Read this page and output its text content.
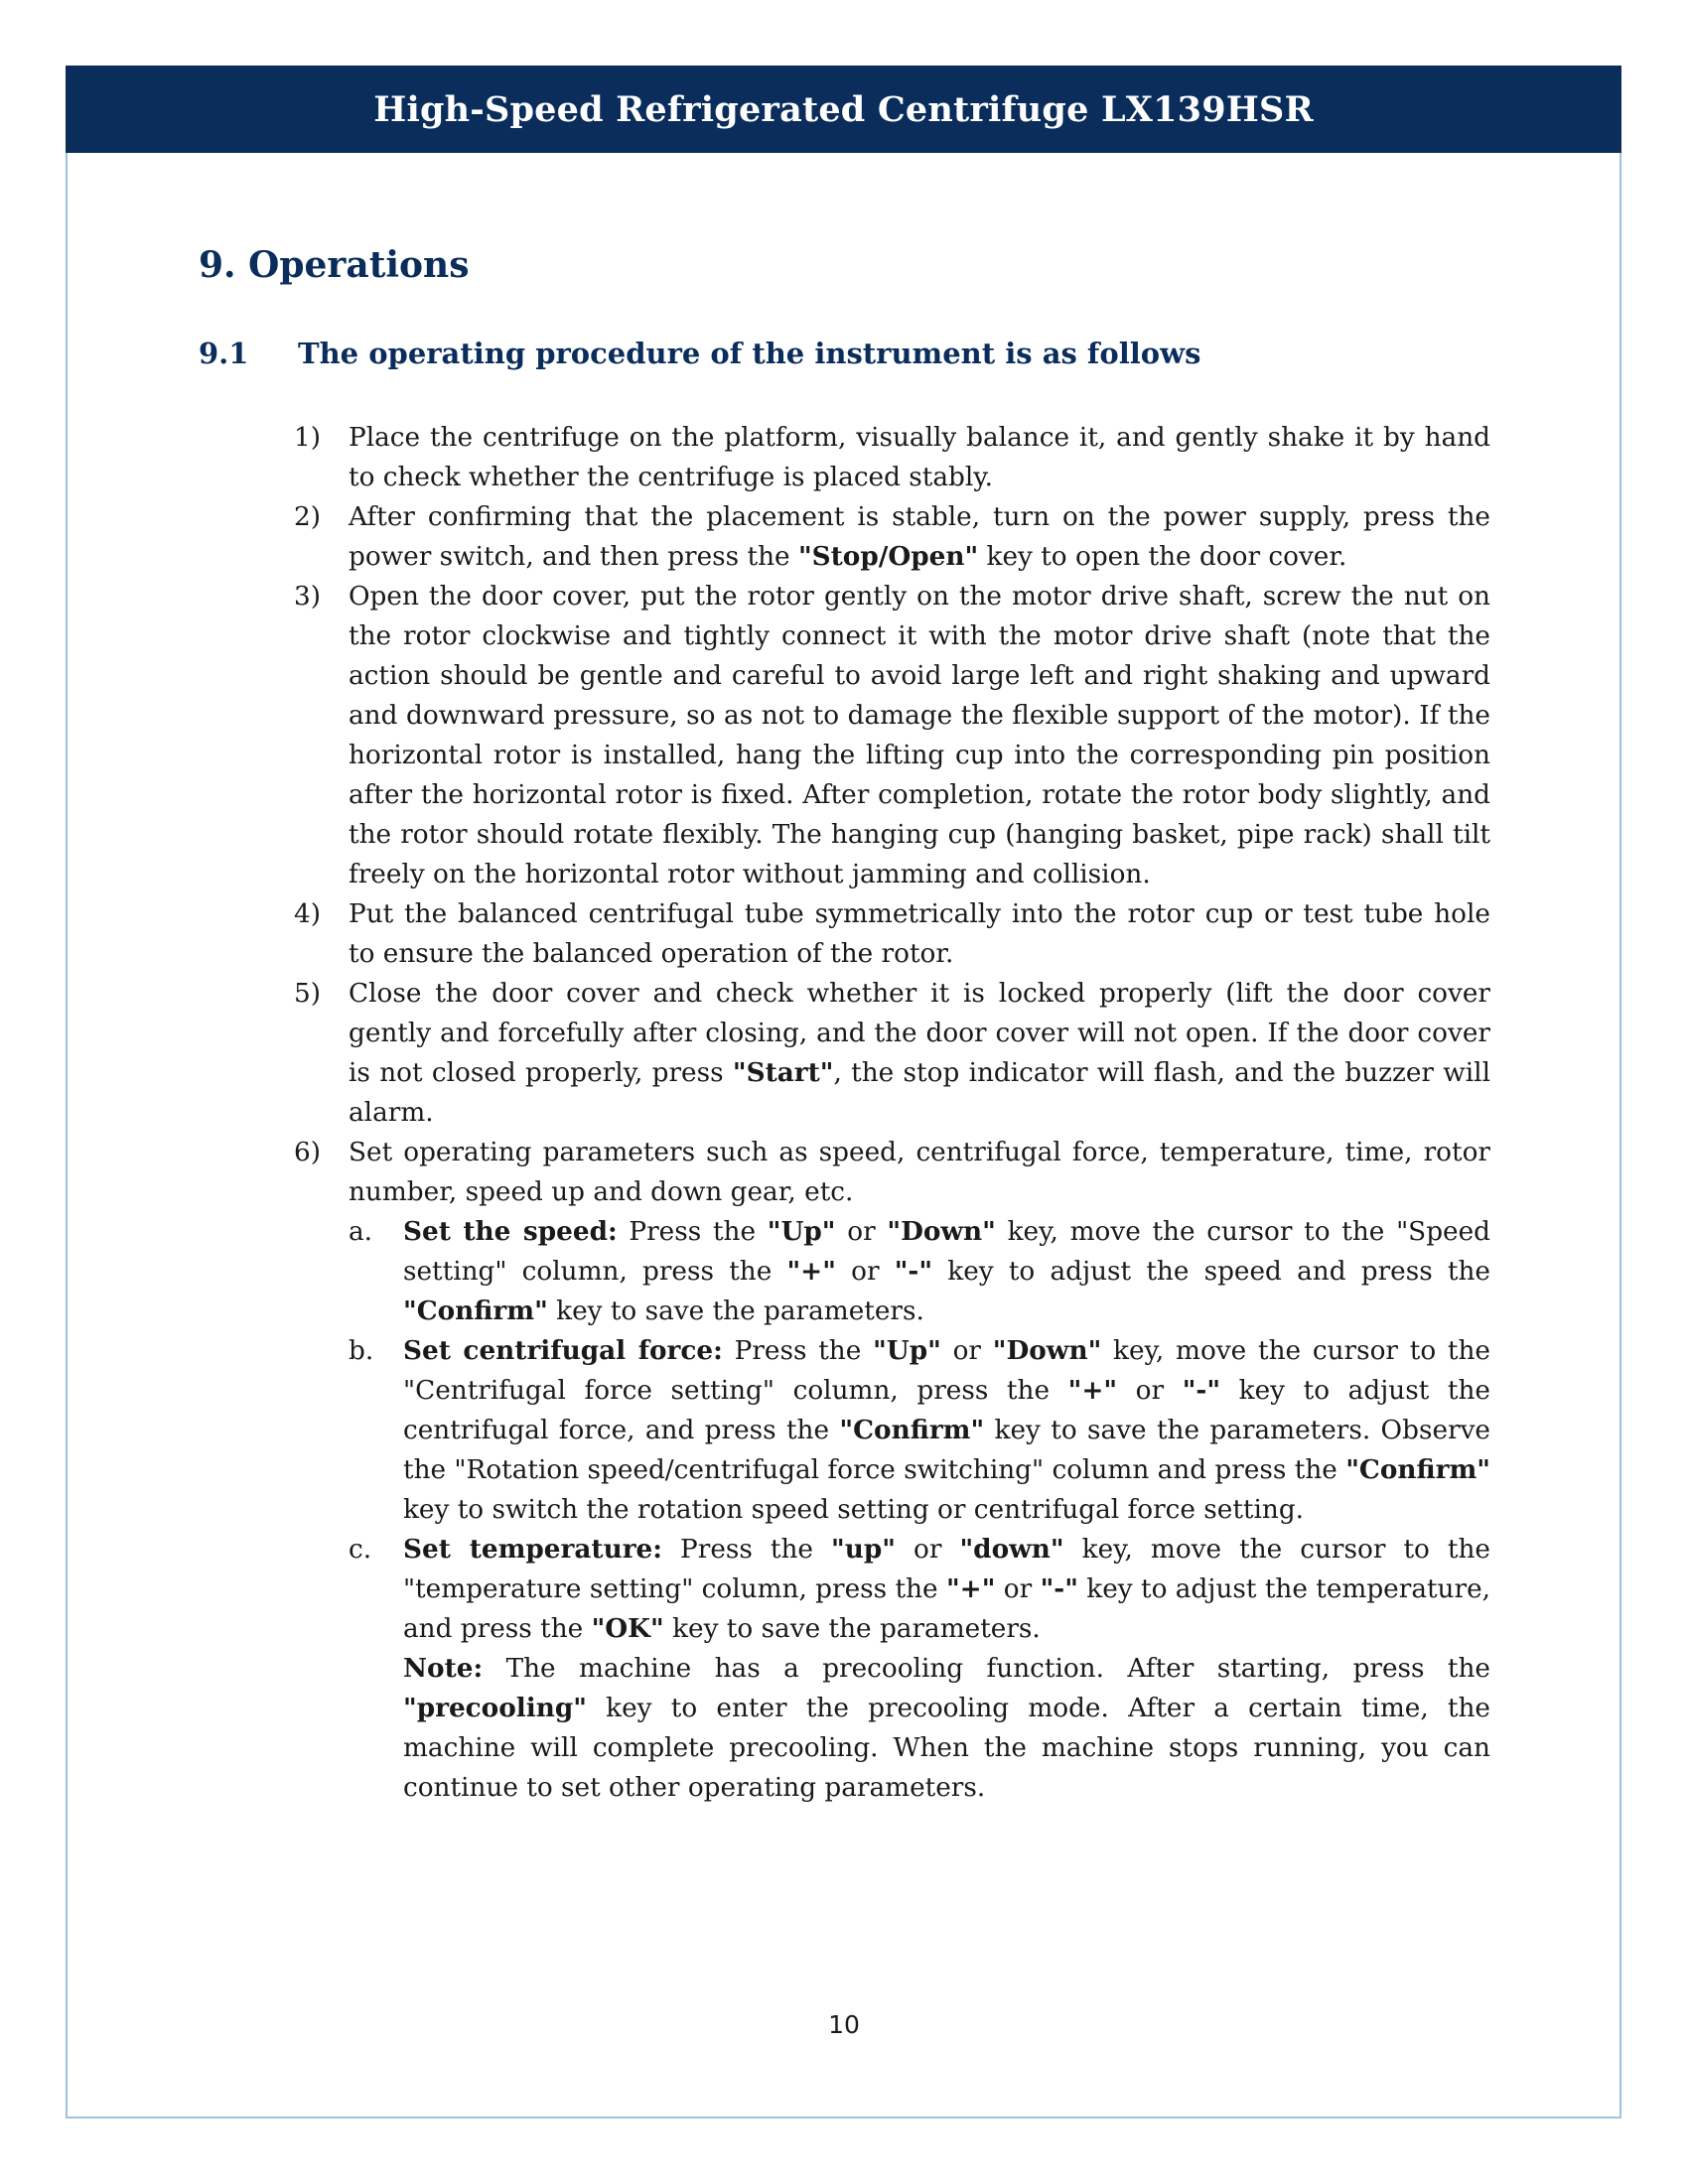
High-Speed Refrigerated Centrifuge LX139HSR
9. Operations
9.1	The operating procedure of the instrument is as follows
1) Place the centrifuge on the platform, visually balance it, and gently shake it by hand to check whether the centrifuge is placed stably.
2) After confirming that the placement is stable, turn on the power supply, press the power switch, and then press the "Stop/Open" key to open the door cover.
3) Open the door cover, put the rotor gently on the motor drive shaft, screw the nut on the rotor clockwise and tightly connect it with the motor drive shaft (note that the action should be gentle and careful to avoid large left and right shaking and upward and downward pressure, so as not to damage the flexible support of the motor). If the horizontal rotor is installed, hang the lifting cup into the corresponding pin position after the horizontal rotor is fixed. After completion, rotate the rotor body slightly, and the rotor should rotate flexibly. The hanging cup (hanging basket, pipe rack) shall tilt freely on the horizontal rotor without jamming and collision.
4) Put the balanced centrifugal tube symmetrically into the rotor cup or test tube hole to ensure the balanced operation of the rotor.
5) Close the door cover and check whether it is locked properly (lift the door cover gently and forcefully after closing, and the door cover will not open. If the door cover is not closed properly, press "Start", the stop indicator will flash, and the buzzer will alarm.
6) Set operating parameters such as speed, centrifugal force, temperature, time, rotor number, speed up and down gear, etc.
a. Set the speed: Press the "Up" or "Down" key, move the cursor to the "Speed setting" column, press the "+" or "-" key to adjust the speed and press the "Confirm" key to save the parameters.
b. Set centrifugal force: Press the "Up" or "Down" key, move the cursor to the "Centrifugal force setting" column, press the "+" or "-" key to adjust the centrifugal force, and press the "Confirm" key to save the parameters. Observe the "Rotation speed/centrifugal force switching" column and press the "Confirm" key to switch the rotation speed setting or centrifugal force setting.
c. Set temperature: Press the "up" or "down" key, move the cursor to the "temperature setting" column, press the "+" or "-" key to adjust the temperature, and press the "OK" key to save the parameters.
Note: The machine has a precooling function. After starting, press the "precooling" key to enter the precooling mode. After a certain time, the machine will complete precooling. When the machine stops running, you can continue to set other operating parameters.
10
